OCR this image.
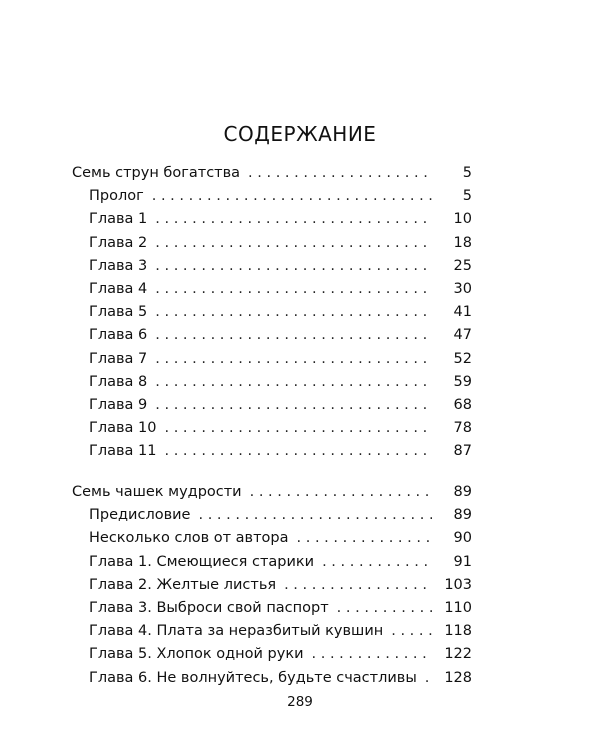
СОДЕРЖАНИЕ
Семь струн богатства . . .	5
Пролог . . .	5
Глава 1 . . .	10
Глава 2 . . .	18
Глава 3 . . .	25
Глава 4 . . .	30
Глава 5 . . .	41
Глава 6 . . .	47
Глава 7 . . .	52
Глава 8 . . .	59
Глава 9 . . .	68
Глава 10 . . .	78
Глава 11 . . .	87
Семь чашек мудрости . . .	89
Предисловие . . .	89
Несколько слов от автора . . .	90
Глава 1. Смеющиеся старики . . .	91
Глава 2. Желтые листья . . .	103
Глава 3. Выброси свой паспорт . . .	110
Глава 4. Плата за неразбитый кувшин . . .	118
Глава 5. Хлопок одной руки . . .	122
Глава 6. Не волнуйтесь, будьте счастливы . . .	128
289
